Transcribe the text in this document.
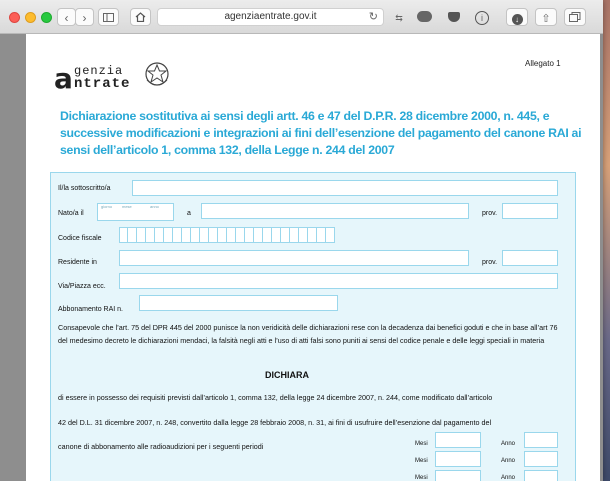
‹	›	agenziaentrate.gov.it	↻	⇆	i	↓	⇧
Allegato 1
a genzia
ntrate
Dichiarazione sostitutiva ai sensi degli artt. 46 e 47 del D.P.R. 28 dicembre 2000, n. 445, e successive modificazioni e integrazioni ai fini dell’esenzione del pagamento del canone RAI ai sensi dell’articolo 1, comma 132, della Legge n. 244 del 2007
Il/la sottoscritto/a
Nato/a il
giorno mese	anno
a	prov.
Codice fiscale
Residente in	prov.
Via/Piazza ecc.
Abbonamento RAI n.
Consapevole che l’art. 75 del DPR 445 del 2000 punisce la non veridicità delle dichiarazioni rese con la decadenza dai benefici goduti e che in base all’art 76 del medesimo decreto le dichiarazioni mendaci, la falsità negli atti e l’uso di atti falsi sono puniti ai sensi del codice penale e delle leggi speciali in materia
DICHIARA
di essere in possesso dei requisiti previsti dall’articolo 1, comma 132, della legge 24 dicembre 2007, n. 244, come modificato dall’articolo
42 del D.L. 31 dicembre 2007, n. 248, convertito dalla legge 28 febbraio 2008, n. 31, ai fini di usufruire dell’esenzione dal pagamento del
canone di abbonamento alle radioaudizioni per i seguenti periodi	Mesi	Anno
Mesi	Anno
Mesi	Anno
